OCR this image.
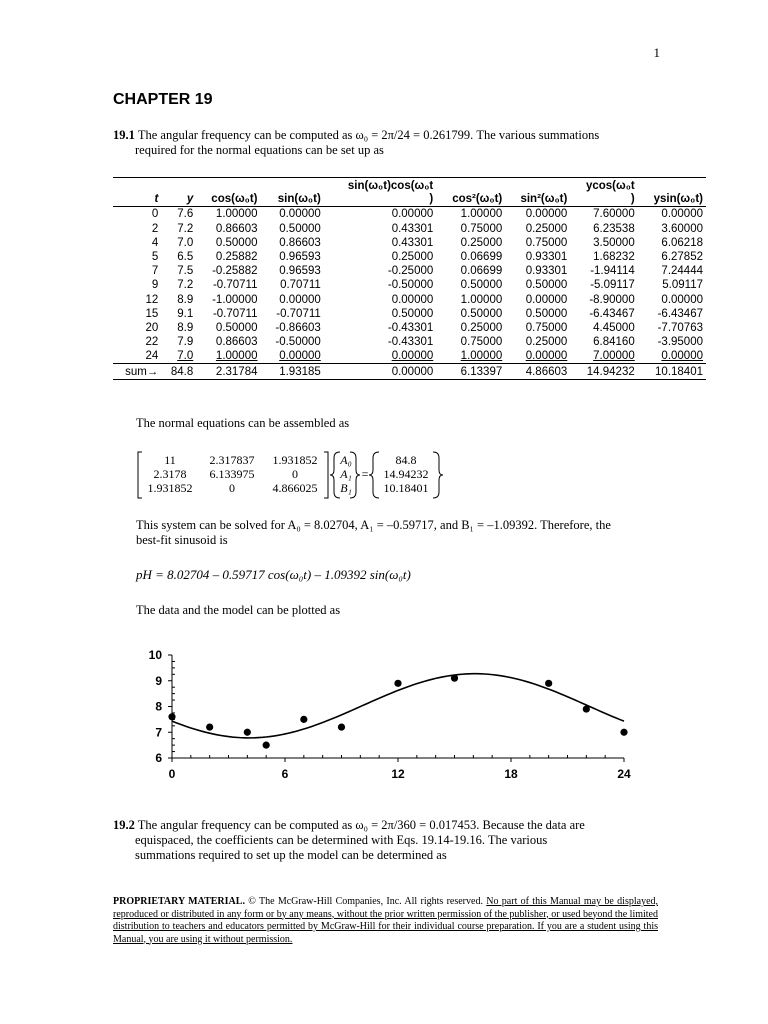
1
CHAPTER 19
19.1 The angular frequency can be computed as ω₀ = 2π/24 = 0.261799. The various summations
required for the normal equations can be set up as
				sin(ω₀t)cos(ω₀t			ycos(ω₀t	
t	y	cos(ω₀t)	sin(ω₀t)	)	cos²(ω₀t)	sin²(ω₀t)	)	ysin(ω₀t)
0	7.6	1.00000	0.00000	0.00000	1.00000	0.00000	7.60000	0.00000
2	7.2	0.86603	0.50000	0.43301	0.75000	0.25000	6.23538	3.60000
4	7.0	0.50000	0.86603	0.43301	0.25000	0.75000	3.50000	6.06218
5	6.5	0.25882	0.96593	0.25000	0.06699	0.93301	1.68232	6.27852
7	7.5	-0.25882	0.96593	-0.25000	0.06699	0.93301	-1.94114	7.24444
9	7.2	-0.70711	0.70711	-0.50000	0.50000	0.50000	-5.09117	5.09117
12	8.9	-1.00000	0.00000	0.00000	1.00000	0.00000	-8.90000	0.00000
15	9.1	-0.70711	-0.70711	0.50000	0.50000	0.50000	-6.43467	-6.43467
20	8.9	0.50000	-0.86603	-0.43301	0.25000	0.75000	4.45000	-7.70763
22	7.9	0.86603	-0.50000	-0.43301	0.75000	0.25000	6.84160	-3.95000
24	7.0	1.00000	0.00000	0.00000	1.00000	0.00000	7.00000	0.00000
sum→	84.8	2.31784	1.93185	0.00000	6.13397	4.86603	14.94232	10.18401
The normal equations can be assembled as
11	2.317837	1.931852
2.3178	6.133975	0
1.931852	0	4.866025
A₀
A₁
B₁
=
84.8
14.94232
10.18401
This system can be solved for A₀ = 8.02704, A₁ = –0.59717, and B₁ = –1.09392. Therefore, the
best-fit sinusoid is
pH = 8.02704 – 0.59717 cos(ω₀t) – 1.09392 sin(ω₀t)
The data and the model can be plotted as
6
7
8
9
10
0	6	12	18	24
19.2 The angular frequency can be computed as ω₀ = 2π/360 = 0.017453. Because the data are
equispaced, the coefficients can be determined with Eqs. 19.14-19.16. The various
summations required to set up the model can be determined as
PROPRIETARY MATERIAL. © The McGraw-Hill Companies, Inc. All rights reserved. No part of this Manual may be displayed, reproduced or distributed in any form or by any means, without the prior written permission of the publisher, or used beyond the limited distribution to teachers and educators permitted by McGraw-Hill for their individual course preparation. If you are a student using this Manual, you are using it without permission.
